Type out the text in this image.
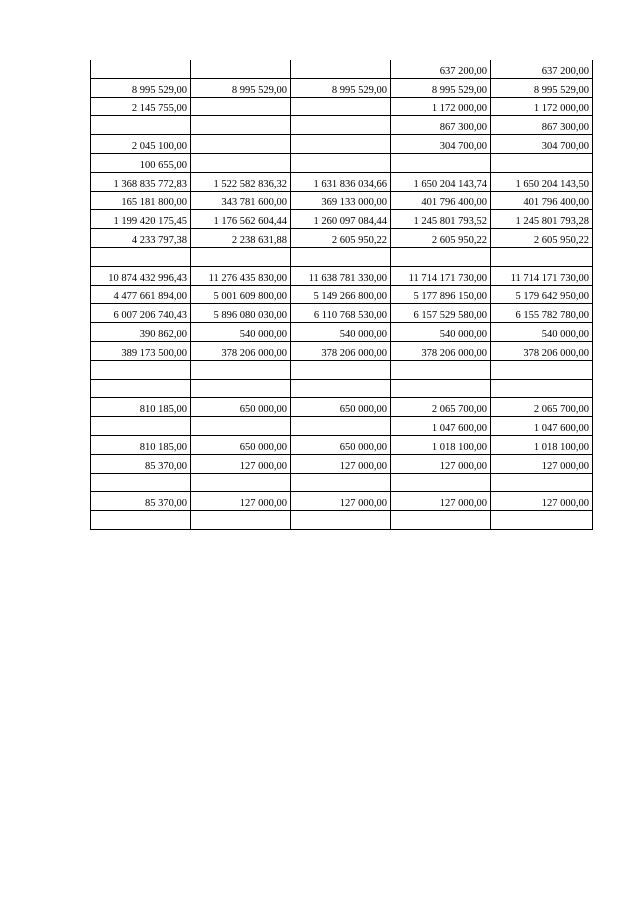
			637 200,00	637 200,00
8 995 529,00	8 995 529,00	8 995 529,00	8 995 529,00	8 995 529,00
2 145 755,00			1 172 000,00	1 172 000,00
			867 300,00	867 300,00
2 045 100,00			304 700,00	304 700,00
100 655,00				
1 368 835 772,83	1 522 582 836,32	1 631 836 034,66	1 650 204 143,74	1 650 204 143,50
165 181 800,00	343 781 600,00	369 133 000,00	401 796 400,00	401 796 400,00
1 199 420 175,45	1 176 562 604,44	1 260 097 084,44	1 245 801 793,52	1 245 801 793,28
4 233 797,38	2 238 631,88	2 605 950,22	2 605 950,22	2 605 950,22

10 874 432 996,43	11 276 435 830,00	11 638 781 330,00	11 714 171 730,00	11 714 171 730,00
4 477 661 894,00	5 001 609 800,00	5 149 266 800,00	5 177 896 150,00	5 179 642 950,00
6 007 206 740,43	5 896 080 030,00	6 110 768 530,00	6 157 529 580,00	6 155 782 780,00
390 862,00	540 000,00	540 000,00	540 000,00	540 000,00
389 173 500,00	378 206 000,00	378 206 000,00	378 206 000,00	378 206 000,00

810 185,00	650 000,00	650 000,00	2 065 700,00	2 065 700,00
			1 047 600,00	1 047 600,00
810 185,00	650 000,00	650 000,00	1 018 100,00	1 018 100,00
85 370,00	127 000,00	127 000,00	127 000,00	127 000,00

85 370,00	127 000,00	127 000,00	127 000,00	127 000,00
